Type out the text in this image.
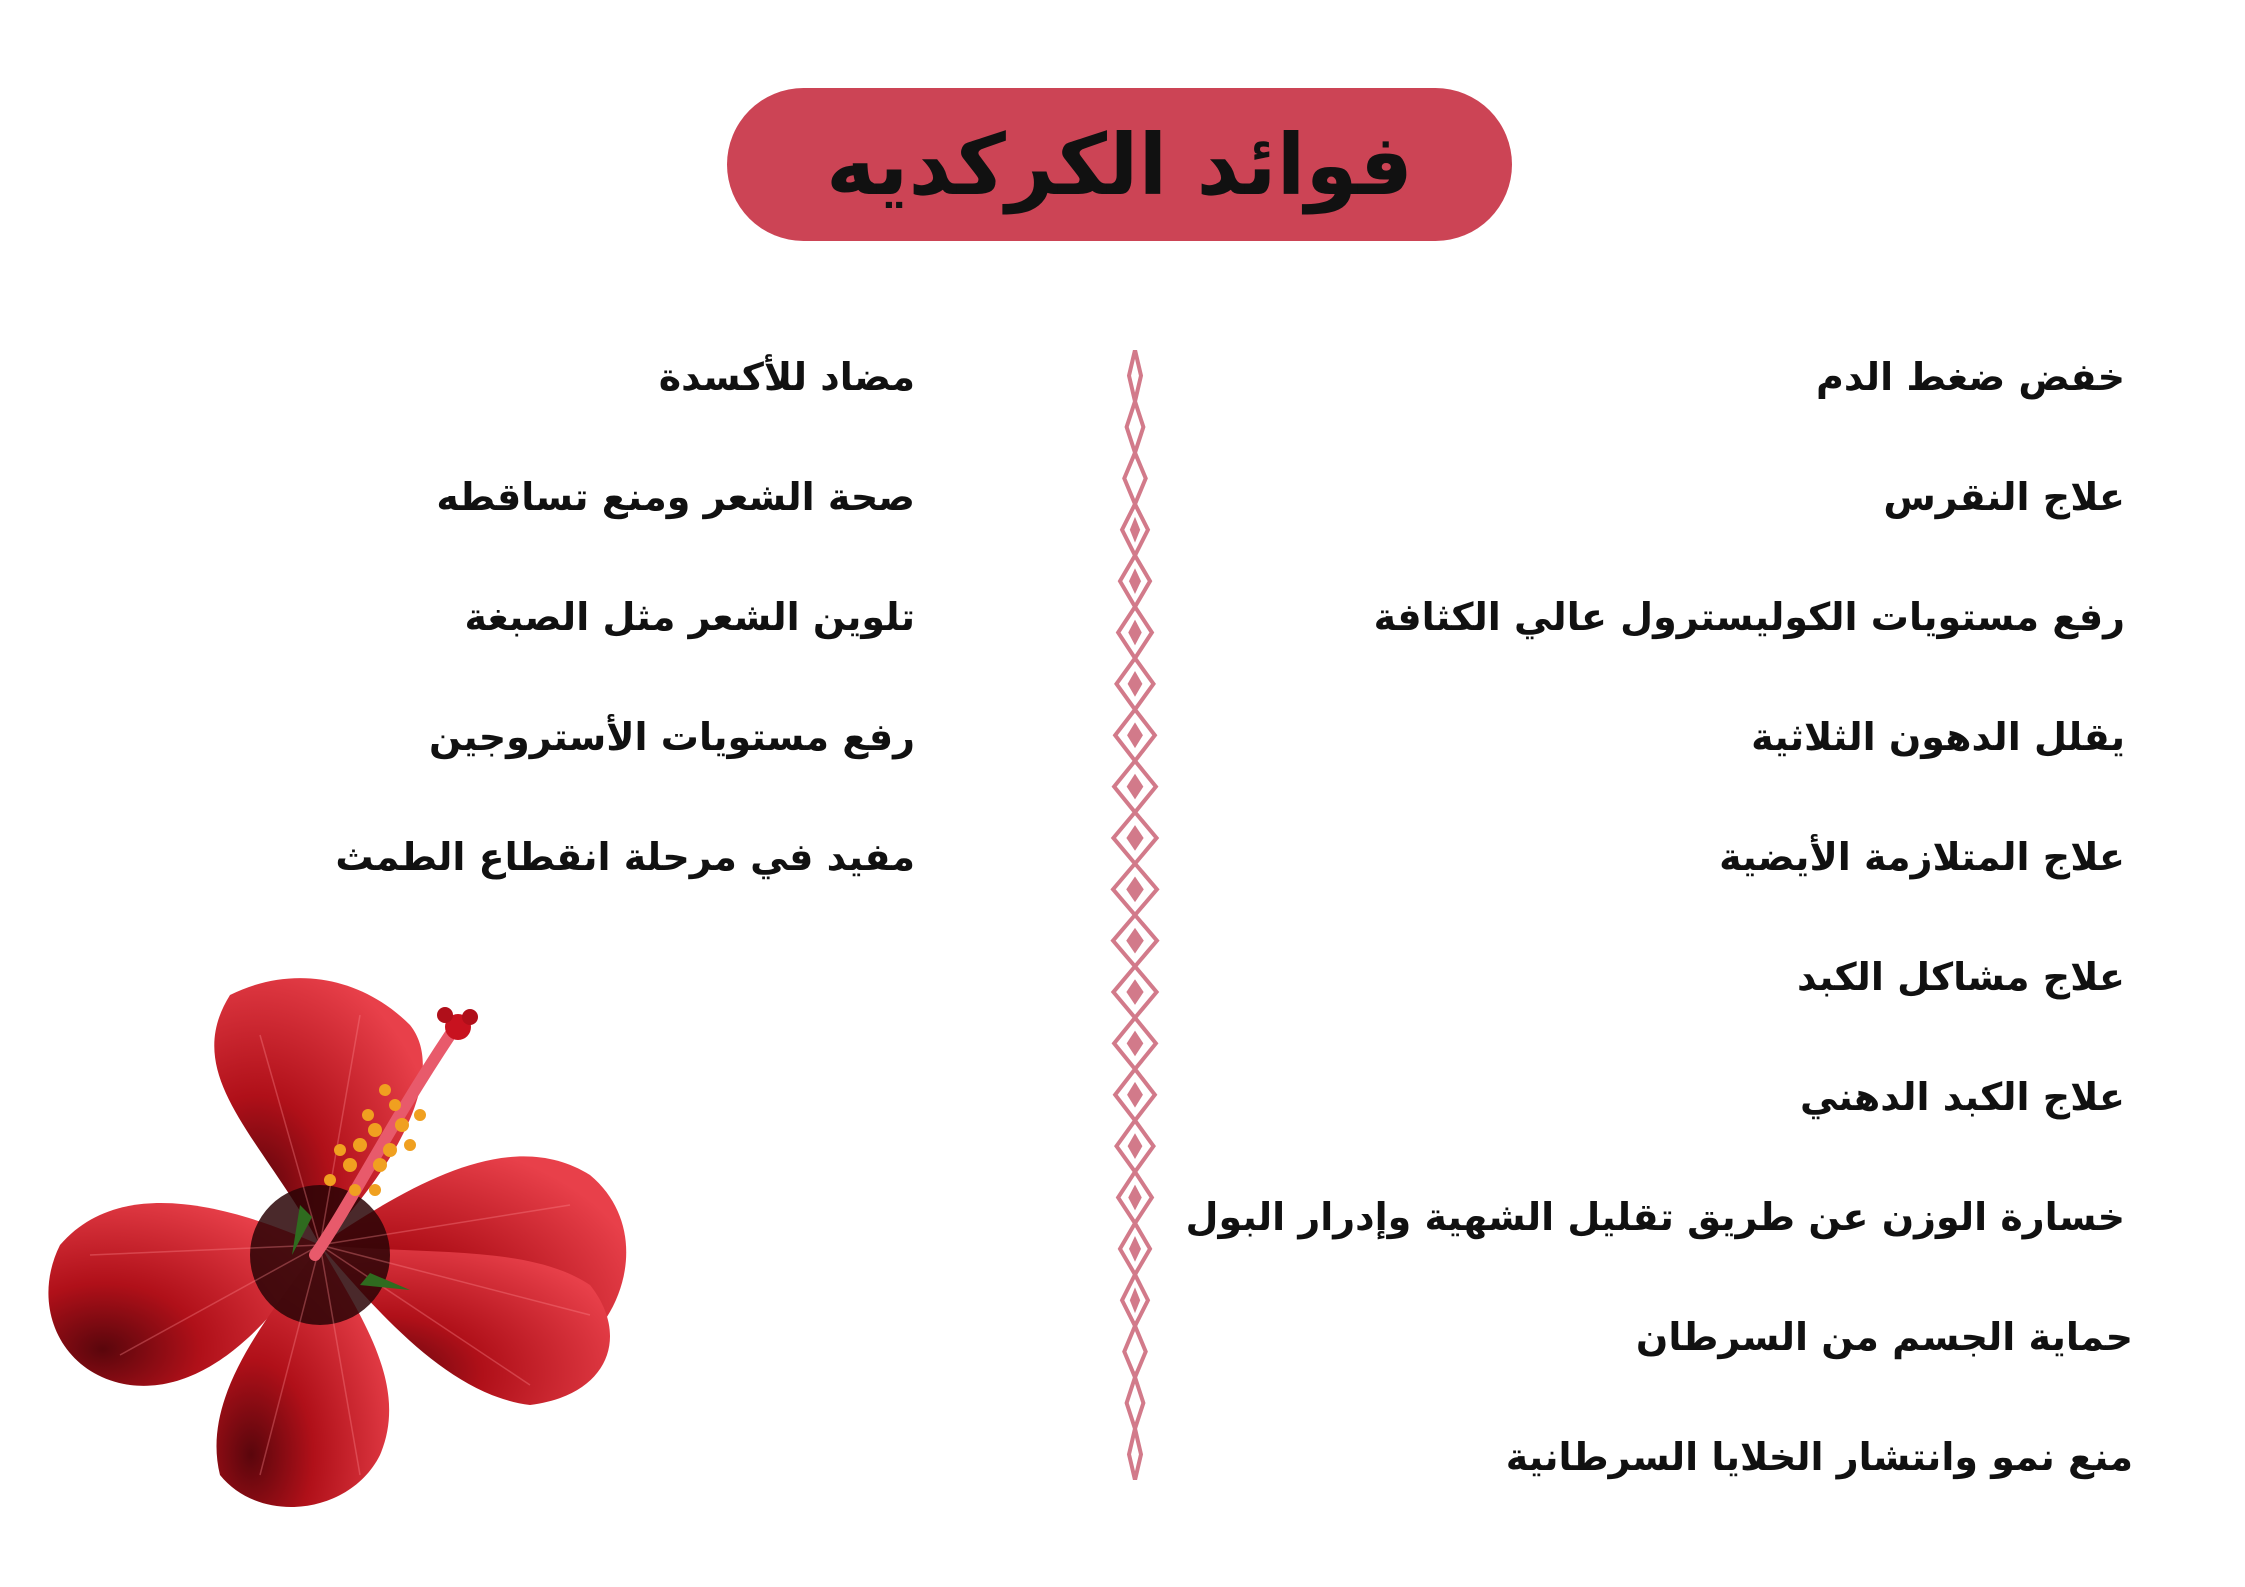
فوائد الكركديه
خفض ضغط الدم
علاج النقرس
رفع مستويات الكوليسترول عالي الكثافة
يقلل الدهون الثلاثية
علاج المتلازمة الأيضية
علاج مشاكل الكبد
علاج الكبد الدهني
خسارة الوزن عن طريق تقليل الشهية وإدرار البول
حماية الجسم من السرطان
منع نمو وانتشار الخلايا السرطانية
مضاد للأكسدة
صحة الشعر ومنع تساقطه
تلوين الشعر مثل الصبغة
رفع مستويات الأستروجين
مفيد في مرحلة انقطاع الطمث
